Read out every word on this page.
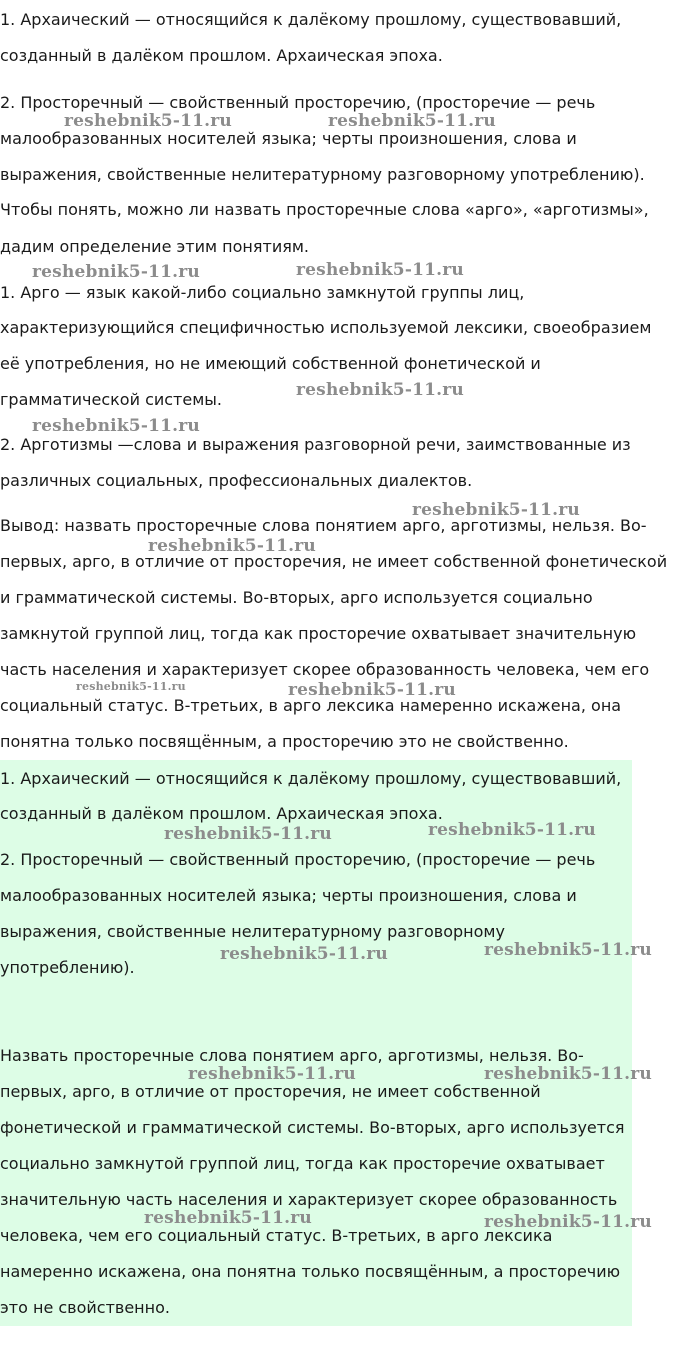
1. Архаический — относящийся к далёкому прошлому, существовавший,
созданный в далёком прошлом. Архаическая эпоха.
2. Просторечный — свойственный просторечию, (просторечие — речь
малообразованных носителей языка; черты произношения, слова и
выражения, свойственные нелитературному разговорному употреблению).
Чтобы понять, можно ли назвать просторечные слова «арго», «арготизмы»,
дадим определение этим понятиям.
1. Арго — язык какой-либо социально замкнутой группы лиц,
характеризующийся специфичностью используемой лексики, своеобразием
её употребления, но не имеющий собственной фонетической и
грамматической системы.
2. Арготизмы —слова и выражения разговорной речи, заимствованные из
различных социальных, профессиональных диалектов.
Вывод: назвать просторечные слова понятием арго, арготизмы, нельзя. Во-
первых, арго, в отличие от просторечия, не имеет собственной фонетической
и грамматической системы. Во-вторых, арго используется социально
замкнутой группой лиц, тогда как просторечие охватывает значительную
часть населения и характеризует скорее образованность человека, чем его
социальный статус. В-третьих, в арго лексика намеренно искажена, она
понятна только посвящённым, а просторечию это не свойственно.
1. Архаический — относящийся к далёкому прошлому, существовавший,
созданный в далёком прошлом. Архаическая эпоха.
2. Просторечный — свойственный просторечию, (просторечие — речь
малообразованных носителей языка; черты произношения, слова и
выражения, свойственные нелитературному разговорному
употреблению).
Назвать просторечные слова понятием арго, арготизмы, нельзя. Во-
первых, арго, в отличие от просторечия, не имеет собственной
фонетической и грамматической системы. Во-вторых, арго используется
социально замкнутой группой лиц, тогда как просторечие охватывает
значительную часть населения и характеризует скорее образованность
человека, чем его социальный статус. В-третьих, в арго лексика
намеренно искажена, она понятна только посвящённым, а просторечию
это не свойственно.
reshebnik5-11.ru	reshebnik5-11.ru
reshebnik5-11.ru	reshebnik5-11.ru
reshebnik5-11.ru
reshebnik5-11.ru
reshebnik5-11.ru
reshebnik5-11.ru
reshebnik5-11.ru	reshebnik5-11.ru
reshebnik5-11.ru
reshebnik5-11.ru
reshebnik5-11.ru
reshebnik5-11.ru
reshebnik5-11.ru	reshebnik5-11.ru
reshebnik5-11.ru	reshebnik5-11.ru
